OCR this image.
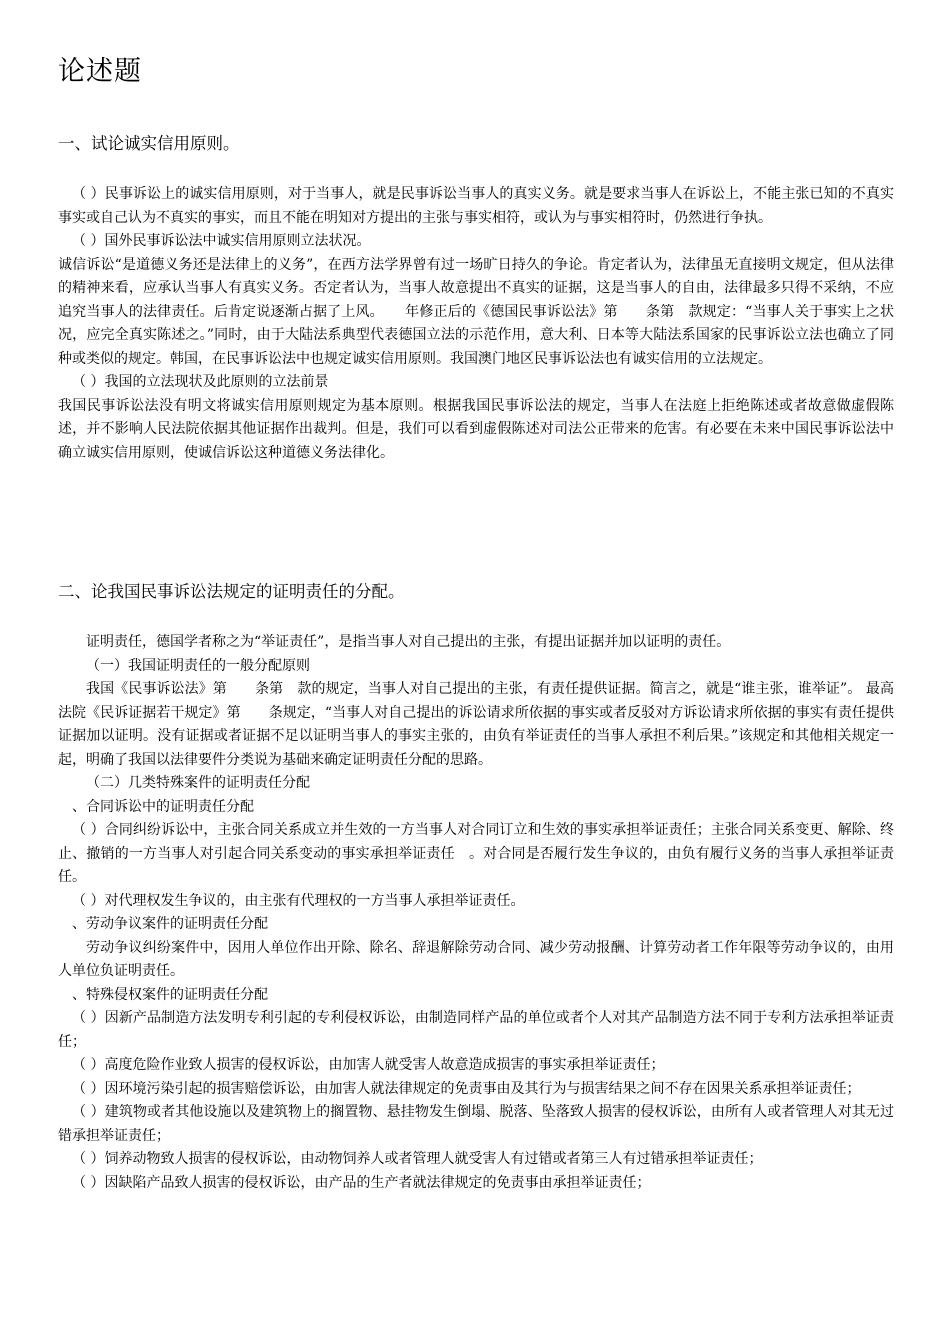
论述题
一、试论诚实信用原则。

（ ）民事诉讼上的诚实信用原则，对于当事人，就是民事诉讼当事人的真实义务。就是要求当事人在诉讼上，不能主张已知的不真实事实或自己认为不真实的事实，而且不能在明知对方提出的主张与事实相符，或认为与事实相符时，仍然进行争执。

（ ）国外民事诉讼法中诚实信用原则立法状况。

诚信诉讼“是道德义务还是法律上的义务”，在西方法学界曾有过一场旷日持久的争论。肯定者认为，法律虽无直接明文规定，但从法律的精神来看，应承认当事人有真实义务。否定者认为，当事人故意提出不真实的证据，这是当事人的自由，法律最多只得不采纳，不应追究当事人的法律责任。后肯定说逐渐占据了上风。　　年修正后的《德国民事诉讼法》第　　条第　款规定：“当事人关于事实上之状况，应完全真实陈述之。”同时，由于大陆法系典型代表德国立法的示范作用，意大利、日本等大陆法系国家的民事诉讼立法也确立了同种或类似的规定。韩国，在民事诉讼法中也规定诚实信用原则。我国澳门地区民事诉讼法也有诚实信用的立法规定。

（ ）我国的立法现状及此原则的立法前景

我国民事诉讼法没有明文将诚实信用原则规定为基本原则。根据我国民事诉讼法的规定，当事人在法庭上拒绝陈述或者故意做虚假陈述，并不影响人民法院依据其他证据作出裁判。但是，我们可以看到虚假陈述对司法公正带来的危害。有必要在未来中国民事诉讼法中确立诚实信用原则，使诚信诉讼这种道德义务法律化。

二、论我国民事诉讼法规定的证明责任的分配。

证明责任，德国学者称之为“举证责任”，是指当事人对自己提出的主张，有提出证据并加以证明的责任。

（一）我国证明责任的一般分配原则

我国《民事诉讼法》第　　条第　款的规定，当事人对自己提出的主张，有责任提供证据。简言之，就是“谁主张，谁举证”。 最高法院《民诉证据若干规定》第　　条规定，“当事人对自己提出的诉讼请求所依据的事实或者反驳对方诉讼请求所依据的事实有责任提供证据加以证明。没有证据或者证据不足以证明当事人的事实主张的，由负有举证责任的当事人承担不利后果。”该规定和其他相关规定一起，明确了我国以法律要件分类说为基础来确定证明责任分配的思路。

（二）几类特殊案件的证明责任分配

、合同诉讼中的证明责任分配

（ ）合同纠纷诉讼中，主张合同关系成立并生效的一方当事人对合同订立和生效的事实承担举证责任；主张合同关系变更、解除、终止、撤销的一方当事人对引起合同关系变动的事实承担举证责任　。对合同是否履行发生争议的，由负有履行义务的当事人承担举证责任。

（ ）对代理权发生争议的，由主张有代理权的一方当事人承担举证责任。

、劳动争议案件的证明责任分配

劳动争议纠纷案件中，因用人单位作出开除、除名、辞退解除劳动合同、减少劳动报酬、计算劳动者工作年限等劳动争议的，由用人单位负证明责任。

、特殊侵权案件的证明责任分配

（ ）因新产品制造方法发明专利引起的专利侵权诉讼，由制造同样产品的单位或者个人对其产品制造方法不同于专利方法承担举证责任；

（ ）高度危险作业致人损害的侵权诉讼，由加害人就受害人故意造成损害的事实承担举证责任；

（ ）因环境污染引起的损害赔偿诉讼，由加害人就法律规定的免责事由及其行为与损害结果之间不存在因果关系承担举证责任；

（ ）建筑物或者其他设施以及建筑物上的搁置物、悬挂物发生倒塌、脱落、坠落致人损害的侵权诉讼，由所有人或者管理人对其无过错承担举证责任；

（ ）饲养动物致人损害的侵权诉讼，由动物饲养人或者管理人就受害人有过错或者第三人有过错承担举证责任；

（ ）因缺陷产品致人损害的侵权诉讼，由产品的生产者就法律规定的免责事由承担举证责任；
